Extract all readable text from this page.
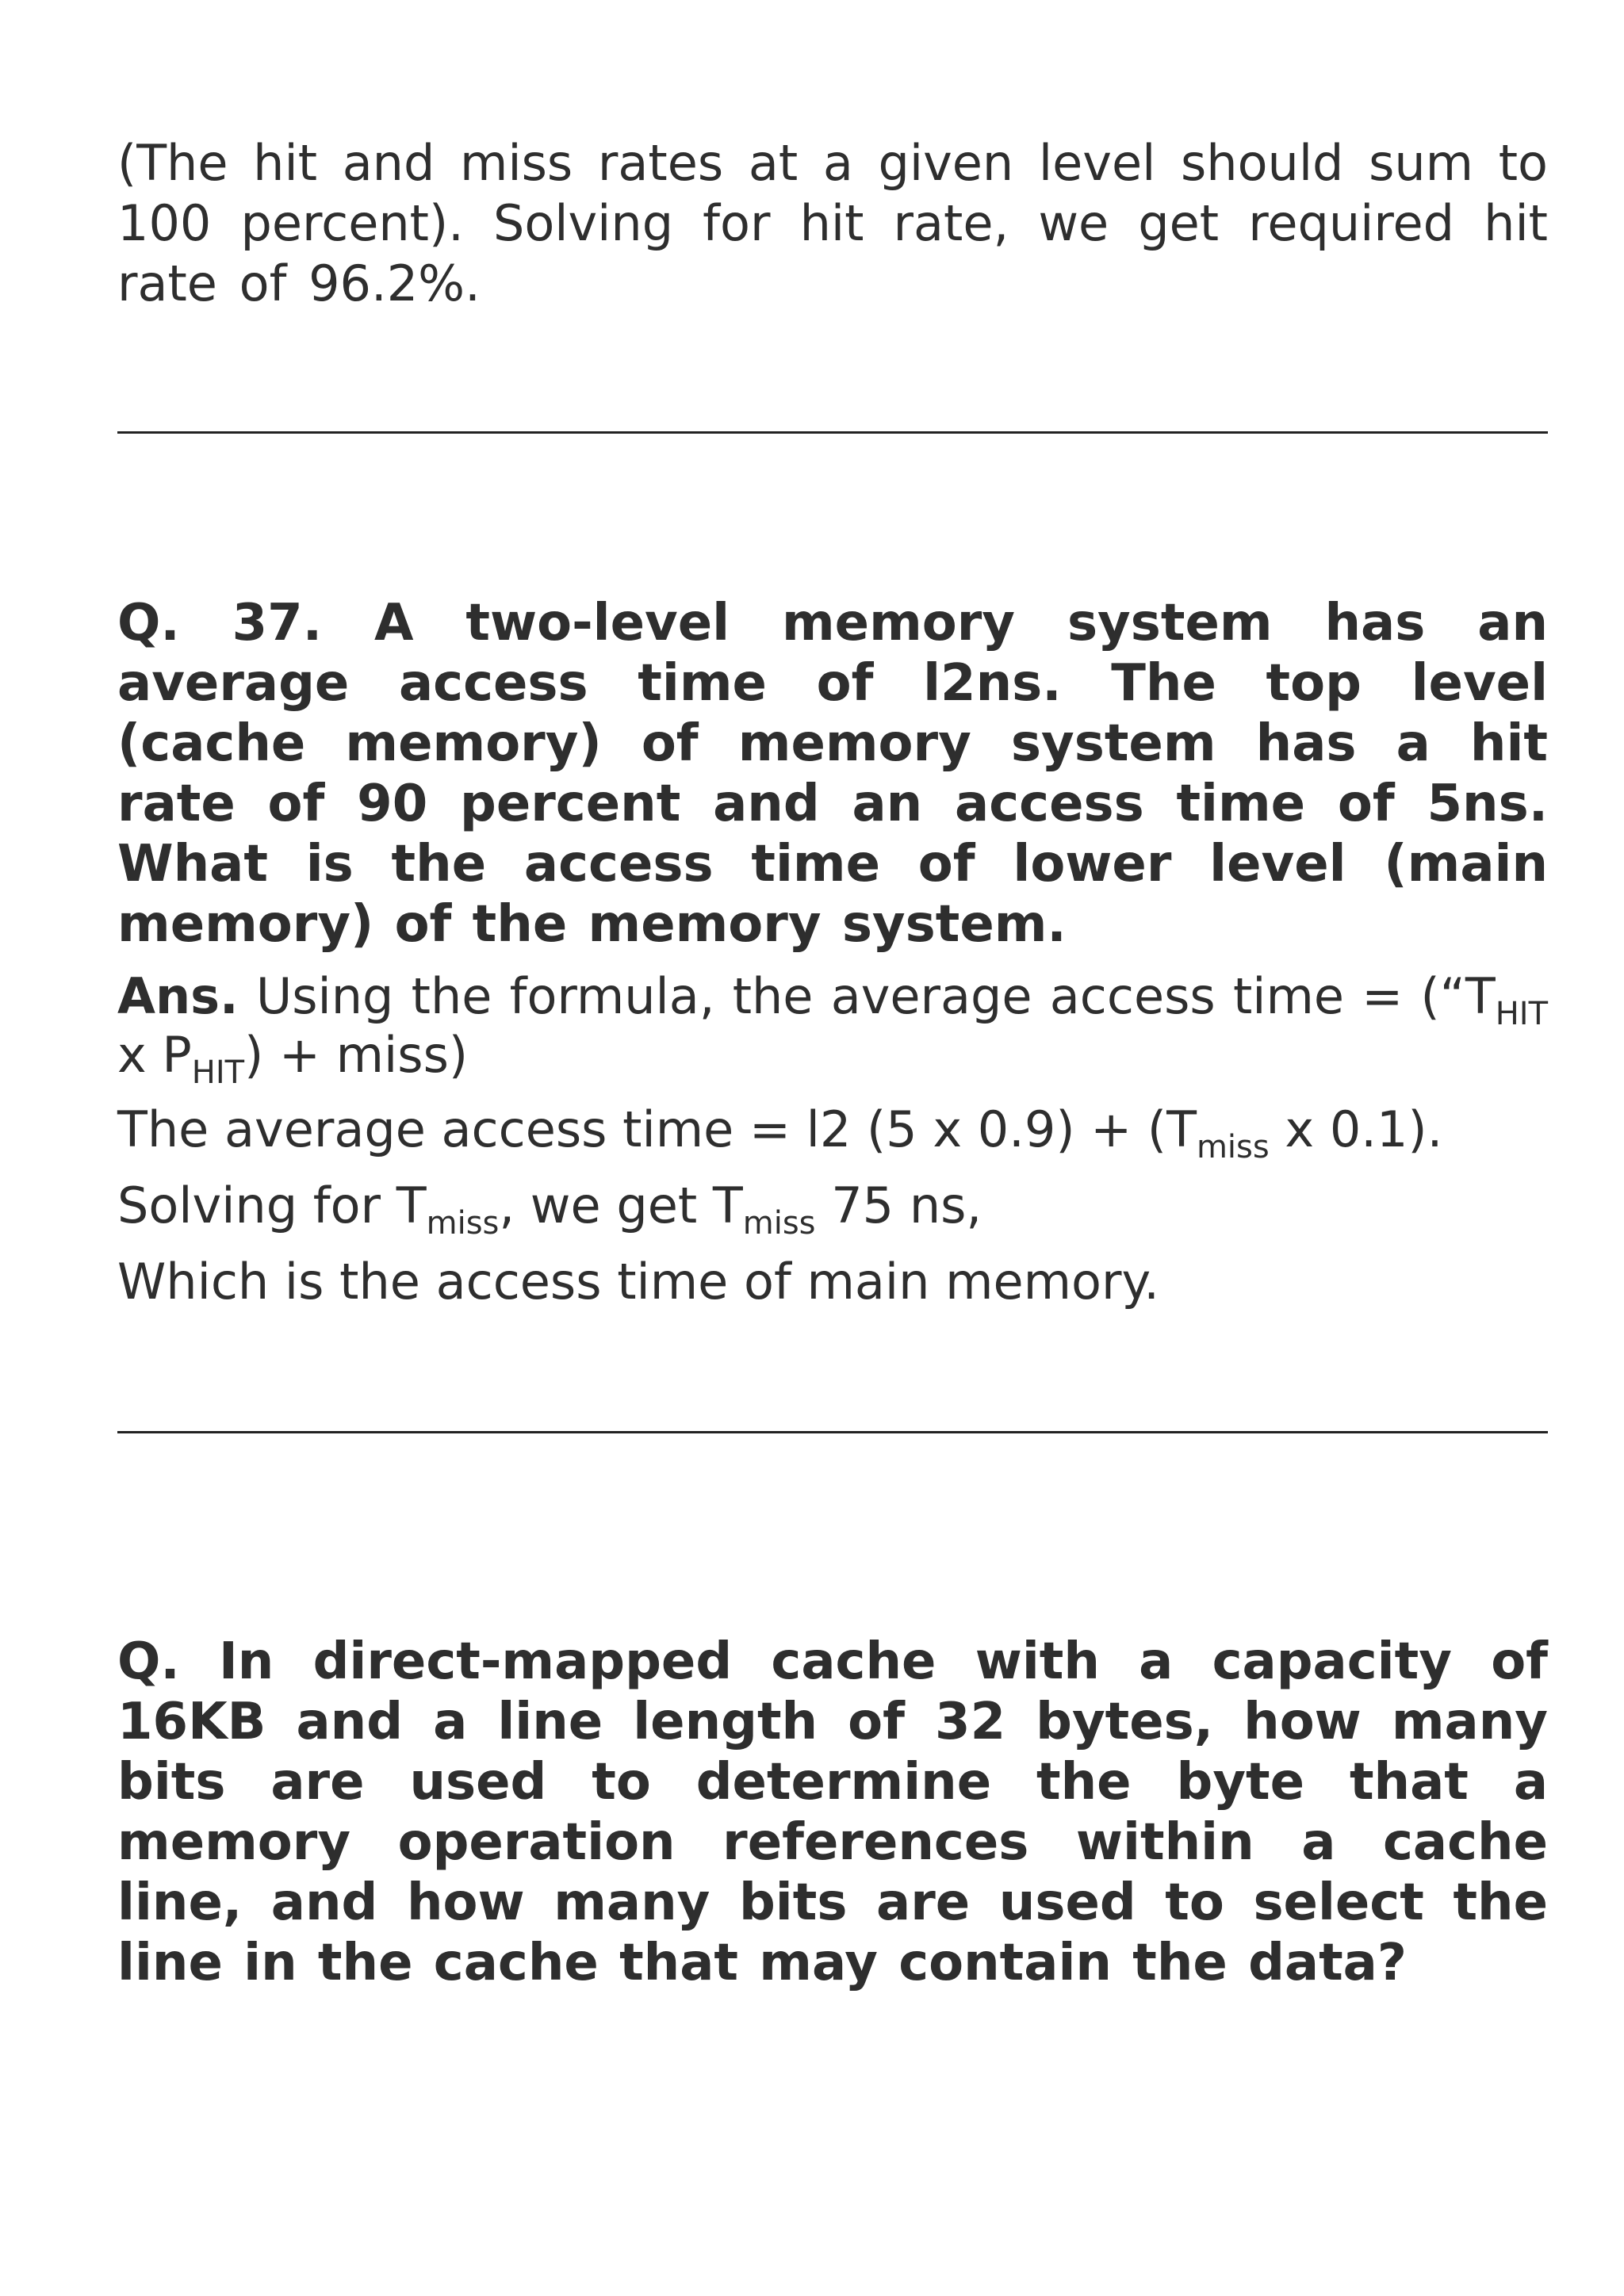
(The hit and miss rates at a given level should sum to 100 percent). Solving for hit rate, we get required hit rate of 96.2%.
Q. 37. A two-level memory system has an average access time of l2ns. The top level (cache memory) of memory system has a hit rate of 90 percent and an access time of 5ns. What is the access time of lower level (main memory) of the memory system.
Ans. Using the formula, the average access time = (“$T_{HIT}$ x $P_{HIT}$) + miss)
The average access time = l2 (5 x $0.9) + (T_{miss}$ x 0.1).
Solving for $T_{miss}$, we get $T_{miss}$ 75 ns,
Which is the access time of main memory.
Q. In direct-mapped cache with a capacity of 16KB and a line length of 32 bytes, how many bits are used to determine the byte that a memory operation references within a cache line, and how many bits are used to select the line in the cache that may contain the data?
